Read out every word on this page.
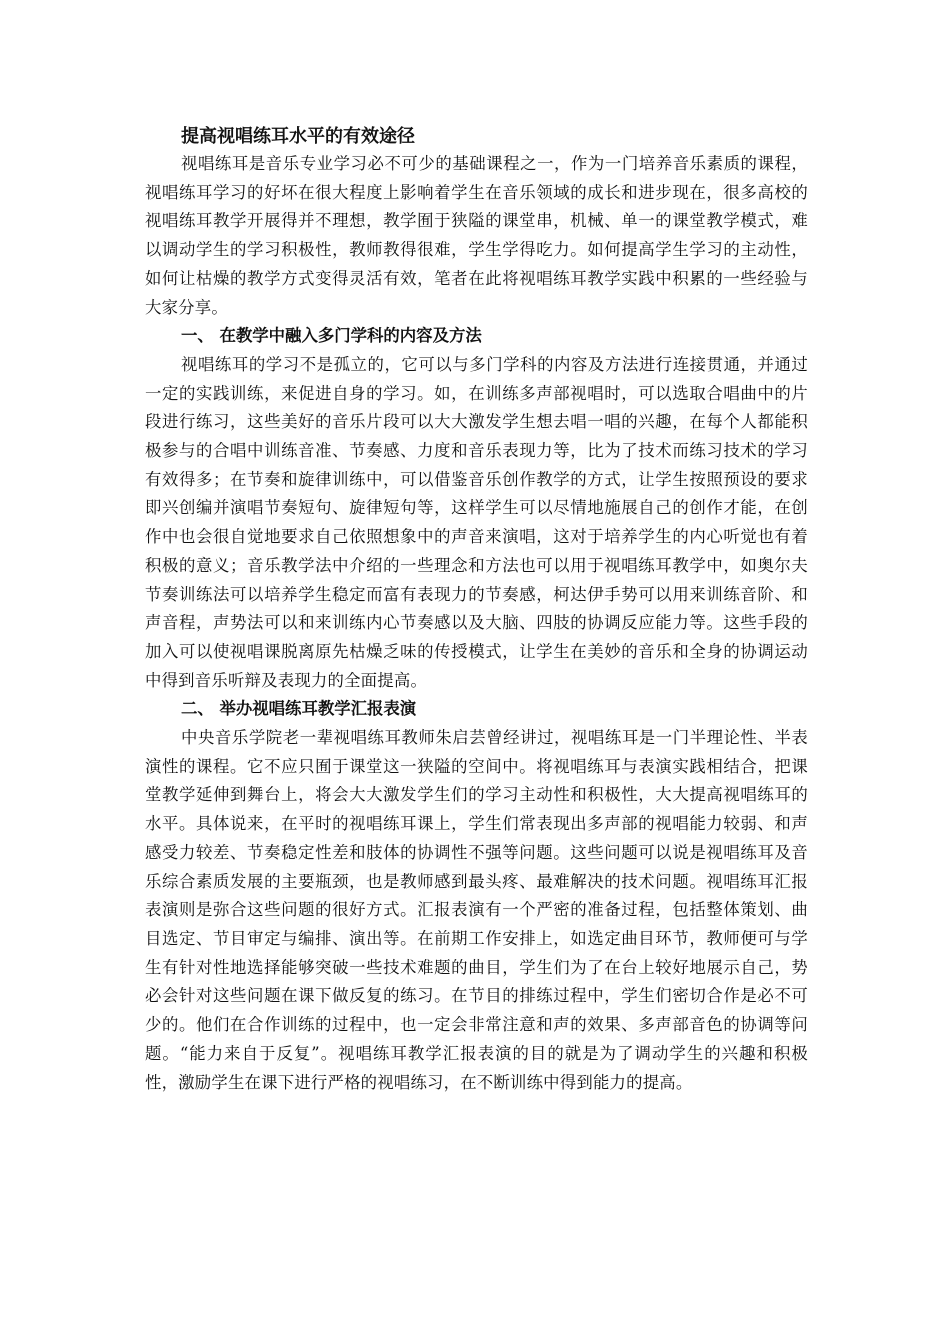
提高视唱练耳水平的有效途径

视唱练耳是音乐专业学习必不可少的基础课程之一，作为一门培养音乐素质的课程，视唱练耳学习的好坏在很大程度上影响着学生在音乐领域的成长和进步现在，很多高校的视唱练耳教学开展得并不理想，教学囿于狭隘的课堂串，机械、单一的课堂教学模式，难以调动学生的学习积极性，教师教得很难，学生学得吃力。如何提高学生学习的主动性，如何让枯燥的教学方式变得灵活有效，笔者在此将视唱练耳教学实践中积累的一些经验与大家分享。

一、 在教学中融入多门学科的内容及方法

视唱练耳的学习不是孤立的，它可以与多门学科的内容及方法进行连接贯通，并通过一定的实践训练，来促进自身的学习。如，在训练多声部视唱时，可以选取合唱曲中的片段进行练习，这些美好的音乐片段可以大大激发学生想去唱一唱的兴趣，在每个人都能积极参与的合唱中训练音准、节奏感、力度和音乐表现力等，比为了技术而练习技术的学习有效得多；在节奏和旋律训练中，可以借鉴音乐创作教学的方式，让学生按照预设的要求即兴创编并演唱节奏短句、旋律短句等，这样学生可以尽情地施展自己的创作才能，在创作中也会很自觉地要求自己依照想象中的声音来演唱，这对于培养学生的内心听觉也有着积极的意义；音乐教学法中介绍的一些理念和方法也可以用于视唱练耳教学中，如奥尔夫节奏训练法可以培养学生稳定而富有表现力的节奏感，柯达伊手势可以用来训练音阶、和声音程，声势法可以和来训练内心节奏感以及大脑、四肢的协调反应能力等。这些手段的加入可以使视唱课脱离原先枯燥乏味的传授模式，让学生在美妙的音乐和全身的协调运动中得到音乐听辩及表现力的全面提高。

二、 举办视唱练耳教学汇报表演

中央音乐学院老一辈视唱练耳教师朱启芸曾经讲过，视唱练耳是一门半理论性、半表演性的课程。它不应只囿于课堂这一狭隘的空间中。将视唱练耳与表演实践相结合，把课堂教学延伸到舞台上，将会大大激发学生们的学习主动性和积极性，大大提高视唱练耳的水平。具体说来，在平时的视唱练耳课上，学生们常表现出多声部的视唱能力较弱、和声感受力较差、节奏稳定性差和肢体的协调性不强等问题。这些问题可以说是视唱练耳及音乐综合素质发展的主要瓶颈，也是教师感到最头疼、最难解决的技术问题。视唱练耳汇报表演则是弥合这些问题的很好方式。汇报表演有一个严密的准备过程，包括整体策划、曲目选定、节目审定与编排、演出等。在前期工作安排上，如选定曲目环节，教师便可与学生有针对性地选择能够突破一些技术难题的曲目，学生们为了在台上较好地展示自己，势必会针对这些问题在课下做反复的练习。在节目的排练过程中，学生们密切合作是必不可少的。他们在合作训练的过程中，也一定会非常注意和声的效果、多声部音色的协调等问题。“能力来自于反复”。视唱练耳教学汇报表演的目的就是为了调动学生的兴趣和积极性，激励学生在课下进行严格的视唱练习，在不断训练中得到能力的提高。
